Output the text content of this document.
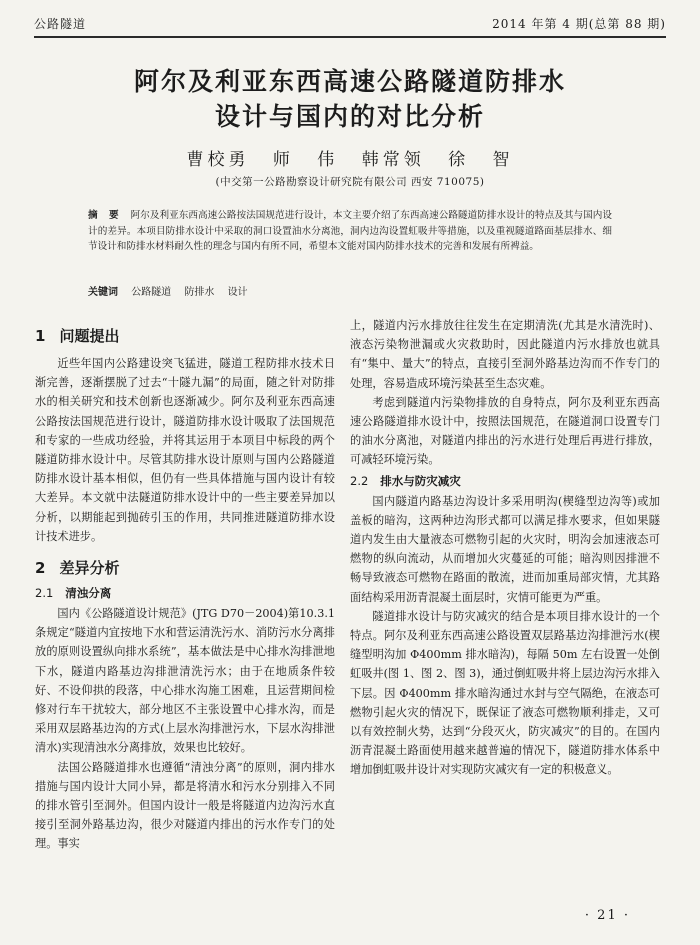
公路隧道	2014 年第 4 期(总第 88 期)
阿尔及利亚东西高速公路隧道防排水
设计与国内的对比分析
曹校勇 师 伟 韩常领 徐 智
(中交第一公路勘察设计研究院有限公司 西安 710075)
摘 要 阿尔及利亚东西高速公路按法国规范进行设计，本文主要介绍了东西高速公路隧道防排水设计的特点及其与国内设计的差异。本项目防排水设计中采取的洞口设置油水分离池，洞内边沟设置虹吸井等措施，以及重视隧道路面基层排水、细节设计和防排水材料耐久性的理念与国内有所不同，希望本文能对国内防排水技术的完善和发展有所裨益。
关键词 公路隧道 防排水 设计
1 问题提出

近些年国内公路建设突飞猛进，隧道工程防排水技术日渐完善，逐渐摆脱了过去“十隧九漏”的局面，随之针对防排水的相关研究和技术创新也逐渐减少。阿尔及利亚东西高速公路按法国规范进行设计，隧道防排水设计吸取了法国规范和专家的一些成功经验，并将其运用于本项目中标段的两个隧道防排水设计中。尽管其防排水设计原则与国内公路隧道防排水设计基本相似，但仍有一些具体措施与国内设计有较大差异。本文就中法隧道防排水设计中的一些主要差异加以分析，以期能起到抛砖引玉的作用，共同推进隧道防排水设计技术进步。

2 差异分析
2.1 清浊分离

国内《公路隧道设计规范》(JTG D70－2004)第10.3.1条规定“隧道内宜按地下水和营运清洗污水、消防污水分离排放的原则设置纵向排水系统”，基本做法是中心排水沟排泄地下水，隧道内路基边沟排泄清洗污水；由于在地质条件较好、不设仰拱的段落，中心排水沟施工困难，且运营期间检修对行车干扰较大，部分地区不主张设置中心排水沟，而是采用双层路基边沟的方式(上层水沟排泄污水，下层水沟排泄清水)实现清浊水分离排放，效果也比较好。

法国公路隧道排水也遵循“清浊分离”的原则，洞内排水措施与国内设计大同小异，都是将清水和污水分别排入不同的排水管引至洞外。但国内设计一般是将隧道内边沟污水直接引至洞外路基边沟，很少对隧道内排出的污水作专门的处理。事实

上，隧道内污水排放往往发生在定期清洗(尤其是水清洗时)、液态污染物泄漏或火灾救助时，因此隧道内污水排放也就具有“集中、量大”的特点，直接引至洞外路基边沟而不作专门的处理，容易造成环境污染甚至生态灾难。

考虑到隧道内污染物排放的自身特点，阿尔及利亚东西高速公路隧道排水设计中，按照法国规范，在隧道洞口设置专门的油水分离池，对隧道内排出的污水进行处理后再进行排放，可减轻环境污染。

2.2 排水与防灾减灾

国内隧道内路基边沟设计多采用明沟(楔缝型边沟等)或加盖板的暗沟，这两种边沟形式都可以满足排水要求，但如果隧道内发生由大量液态可燃物引起的火灾时，明沟会加速液态可燃物的纵向流动，从而增加火灾蔓延的可能；暗沟则因排泄不畅导致液态可燃物在路面的散流，进而加重局部灾情，尤其路面结构采用沥青混凝土面层时，灾情可能更为严重。

隧道排水设计与防灾减灾的结合是本项目排水设计的一个特点。阿尔及利亚东西高速公路设置双层路基边沟排泄污水(楔缝型明沟加 Φ400mm 排水暗沟)，每隔 50m 左右设置一处倒虹吸井(图 1、图 2、图 3)，通过倒虹吸井将上层边沟污水排入下层。因 Φ400mm 排水暗沟通过水封与空气隔绝，在液态可燃物引起火灾的情况下，既保证了液态可燃物顺利排走，又可以有效控制火势，达到“分段灭火，防灾减灾”的目的。在国内沥青混凝土路面使用越来越普遍的情况下，隧道防排水体系中增加倒虹吸井设计对实现防灾减灾有一定的积极意义。

· 21 ·
